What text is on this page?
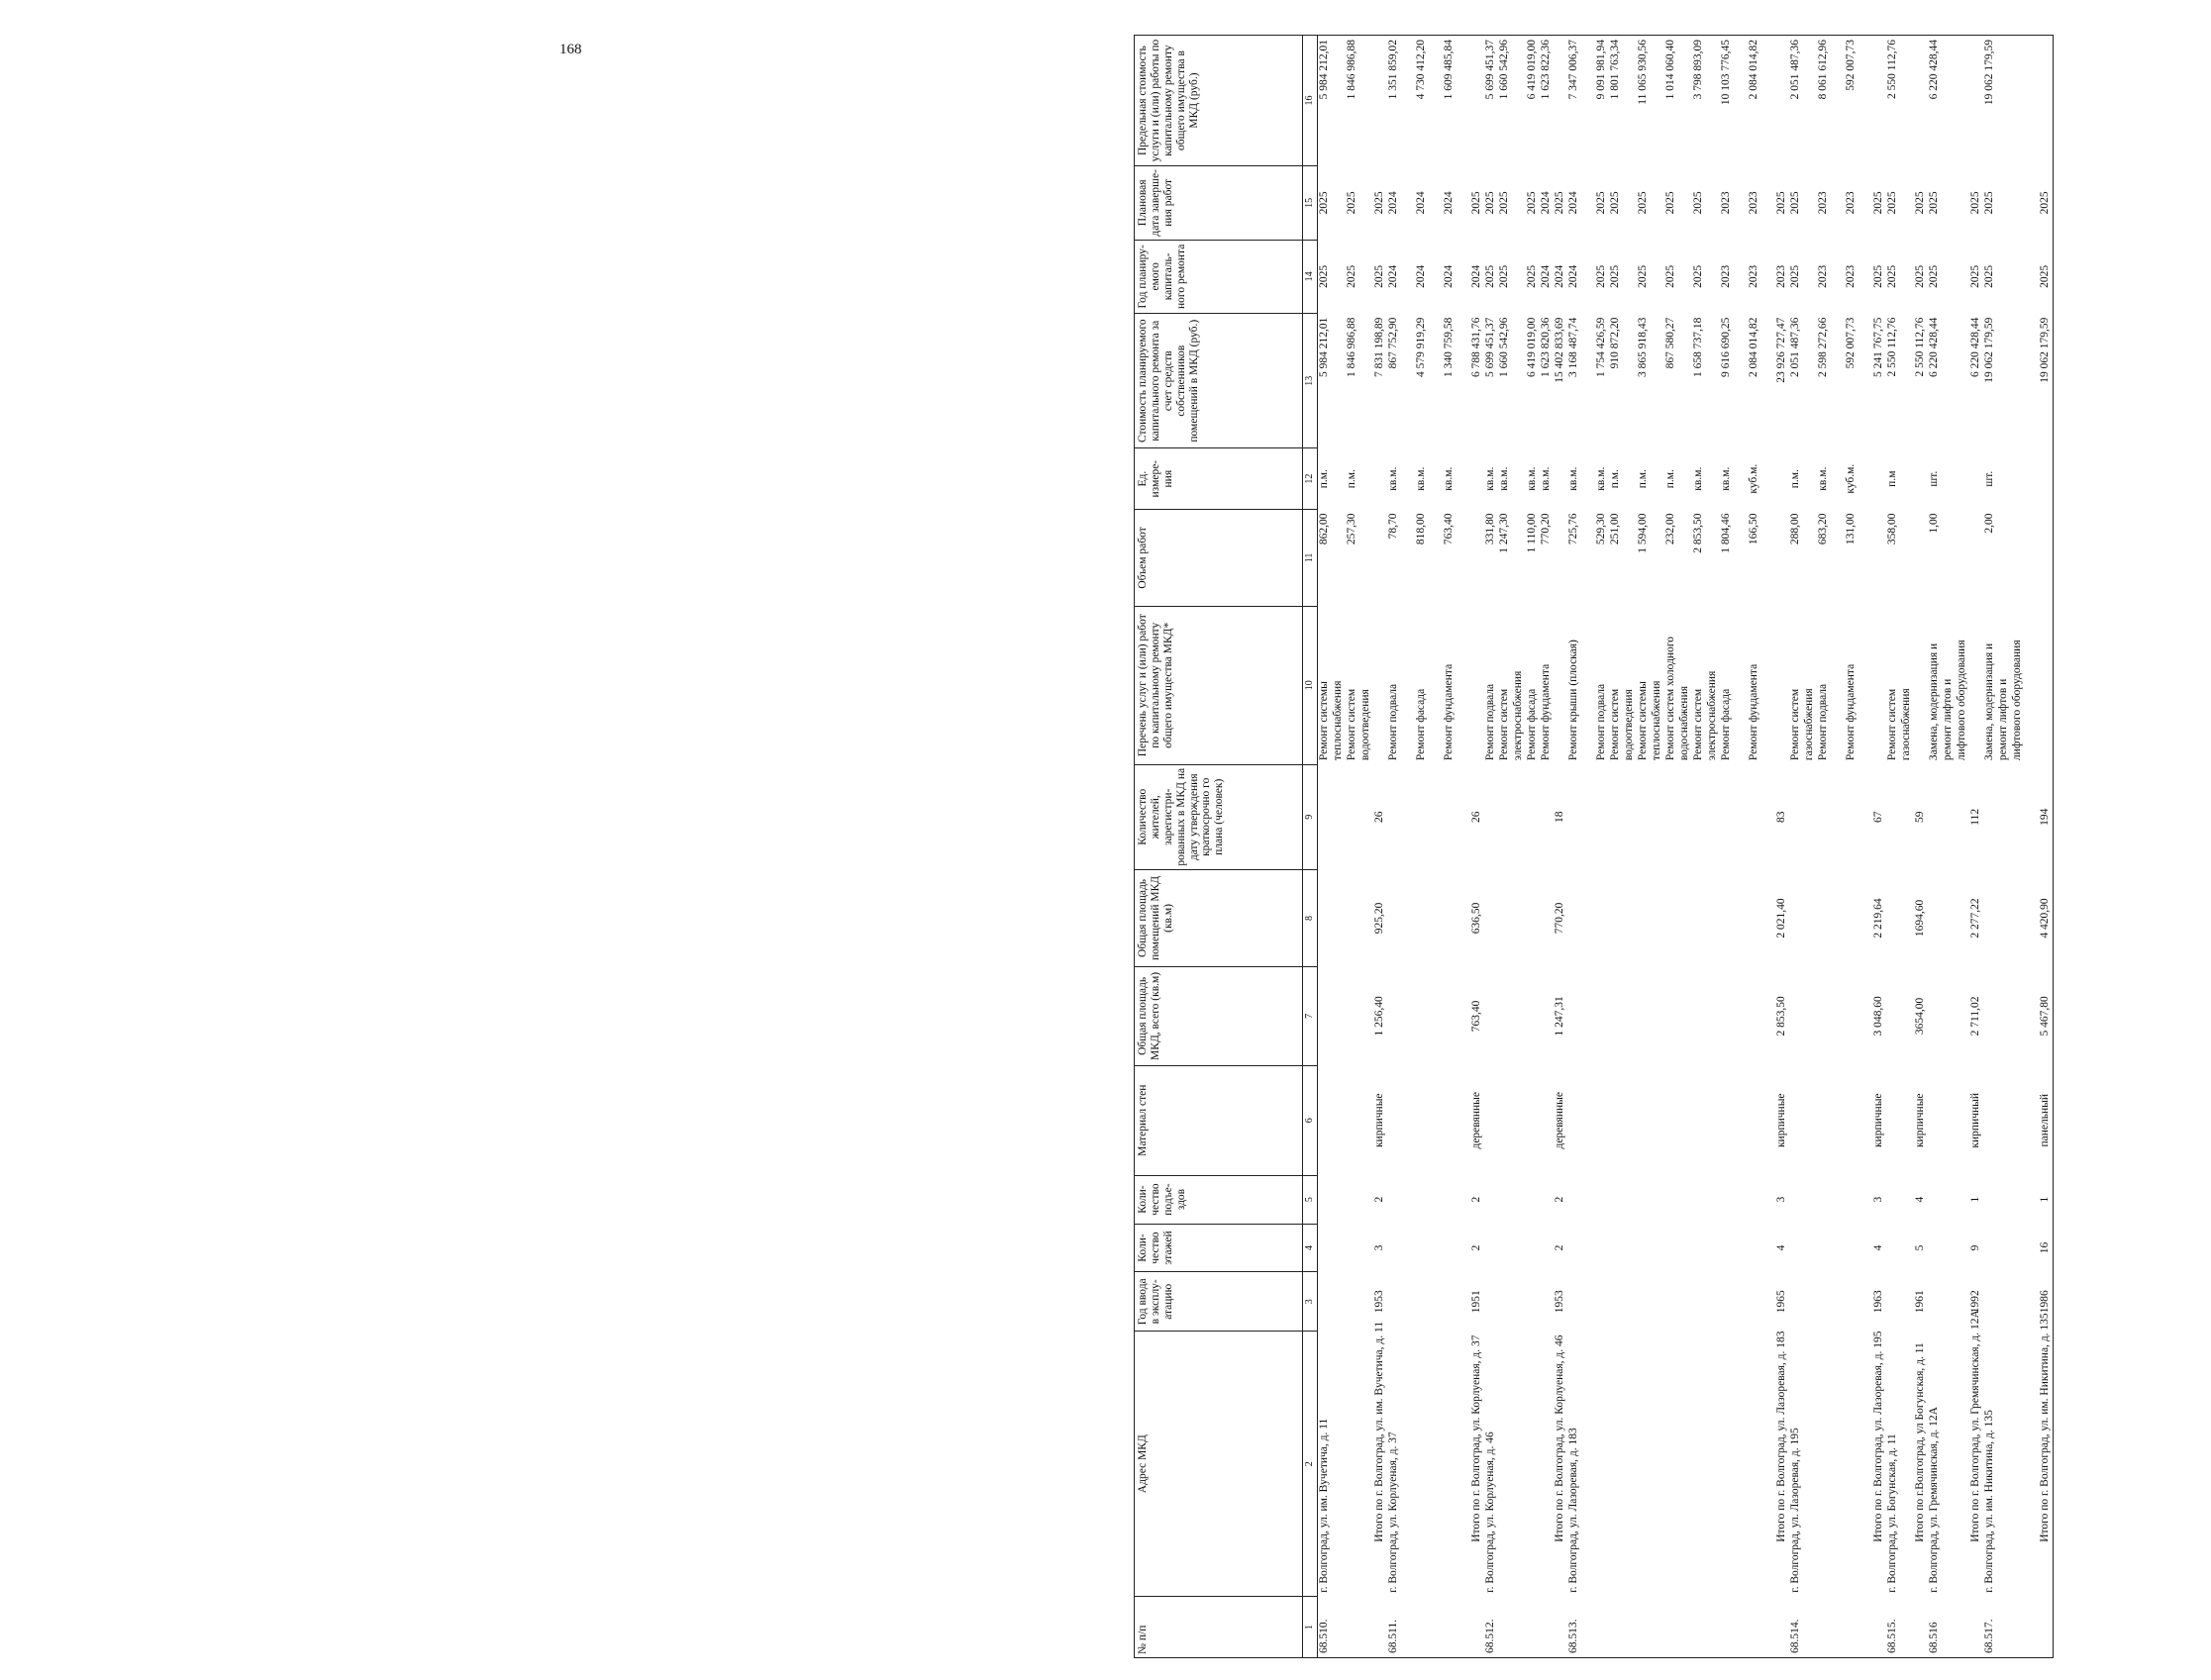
168
№ п/п	Адрес МКД	Год ввода в эксплу-атацию	Коли-чество этажей	Коли-чество подъе-здов	Материал стен	Общая площадь МКД, всего (кв.м)	Общая площадь помещений МКД (кв.м)	Количество жителей, зарегистри-рованных в МКД на дату утверждения краткосрочно го плана (человек)	Перечень услуг и (или) работ по капитальному ремонту общего имущества МКД*	Объем работ	Ед. измере-ния	Стоимость планируемого капитального ремонта за счет средств собственников помещений в МКД (руб.)	Год планиру-емого капиталь-ного ремонта	Плановая дата заверше-ния работ	Предельная стоимость услуги и (или) работы по капитальному ремонту общего имущества в МКД (руб.)
1	2	3	4	5	6	7	8	9	10	11	12	13	14	15	16
68.510.	г. Волгоград, ул. им. Вучетича, д. 11								Ремонт системы	862,00	п.м.	5 984 212,01	2025	2025	5 984 212,01
									теплоснабжения						
									Ремонт систем	257,30	п.м.	1 846 986,88	2025	2025	1 846 986,88
									водоотведения						
	Итого по г. Волгоград, ул. им. Вучетича, д. 11	1953	3	2	кирпичные	1 256,40	925,20	26				7 831 198,89	2025	2025	
68.511.	г. Волгоград, ул. Корлуеная, д. 37								Ремонт подвала	78,70	кв.м.	867 752,90	2024	2024	1 351 859,02

									Ремонт фасада	818,00	кв.м.	4 579 919,29	2024	2024	4 730 412,20

									Ремонт фундамента	763,40	кв.м.	1 340 759,58	2024	2024	1 609 485,84

	Итого по г. Волгоград, ул. Корлуеная, д. 37	1951	2	2	деревянные	763,40	636,50	26				6 788 431,76	2024	2025	
68.512.	г. Волгоград, ул. Корлуеная, д. 46								Ремонт подвала	331,80	кв.м.	5 699 451,37	2025	2025	5 699 451,37
									Ремонт систем	1 247,30	кв.м.	1 660 542,96	2025	2025	1 660 542,96
									электроснабжения						
									Ремонт фасада	1 110,00	кв.м.	6 419 019,00	2025	2025	6 419 019,00
									Ремонт фундамента	770,20	кв.м.	1 623 820,36	2024	2024	1 623 822,36
	Итого по г. Волгоград, ул. Корлуеная, д. 46	1953	2	2	деревянные	1 247,31	770,20	18				15 402 833,69	2024	2025	
68.513.	г. Волгоград, ул. Лазоревая, д. 183								Ремонт крыши (плоская)	725,76	кв.м.	3 168 487,74	2024	2024	7 347 006,37

									Ремонт подвала	529,30	кв.м.	1 754 426,59	2025	2025	9 091 981,94
									Ремонт систем	251,00	п.м.	910 872,20	2025	2025	1 801 763,34
									водоотведения						
									Ремонт системы	1 594,00	п.м.	3 865 918,43	2025	2025	11 065 930,56
									теплоснабжения						
									Ремонт систем холодного	232,00	п.м.	867 580,27	2025	2025	1 014 060,40
									водоснабжения						
									Ремонт систем	2 853,50	кв.м.	1 658 737,18	2025	2025	3 798 893,09
									электроснабжения						
									Ремонт фасада	1 804,46	кв.м.	9 616 690,25	2023	2023	10 103 776,45

									Ремонт фундамента	166,50	куб.м.	2 084 014,82	2023	2023	2 084 014,82

	Итого по г. Волгоград, ул. Лазоревая, д. 183	1965	4	3	кирпичные	2 853,50	2 021,40	83				23 926 727,47	2023	2025	
68.514.	г. Волгоград, ул. Лазоревая, д. 195								Ремонт систем	288,00	п.м.	2 051 487,36	2025	2025	2 051 487,36
									газоснабжения						
									Ремонт подвала	683,20	кв.м.	2 598 272,66	2023	2023	8 061 612,96

									Ремонт фундамента	131,00	куб.м.	592 007,73	2023	2023	592 007,73

	Итого по г. Волгоград, ул. Лазоревая, д. 195	1963	4	3	кирпичные	3 048,60	2 219,64	67				5 241 767,75	2025	2025	
68.515.	г. Волгоград, ул. Богунская, д. 11								Ремонт систем	358,00	п.м	2 550 112,76	2025	2025	2 550 112,76
									газоснабжения						
	Итого по г.Волгоград, ул Богунская, д. 11	1961	5	4	кирпичные	3654,00	1694,60	59				2 550 112,76	2025	2025	
68.516	г. Волгоград, ул. Гремячинская, д. 12А								Замена, модернизация и	1,00	шт.	6 220 428,44	2025	2025	6 220 428,44
									ремонт лифтов и						
									лифтового оборудования						
	Итого по г. Волгоград, ул. Гремячинская, д. 12А	1992	9	1	кирпичный	2 711,02	2 277,22	112				6 220 428,44	2025	2025	
68.517.	г. Волгоград, ул. им. Никитина, д. 135								Замена, модернизация и	2,00	шт.	19 062 179,59	2025	2025	19 062 179,59
									ремонт лифтов и						
									лифтового оборудования						

	Итого по г. Волгоград, ул. им. Никитина, д. 135	1986	16	1	панельный	5 467,80	4 420,90	194				19 062 179,59	2025	2025	
